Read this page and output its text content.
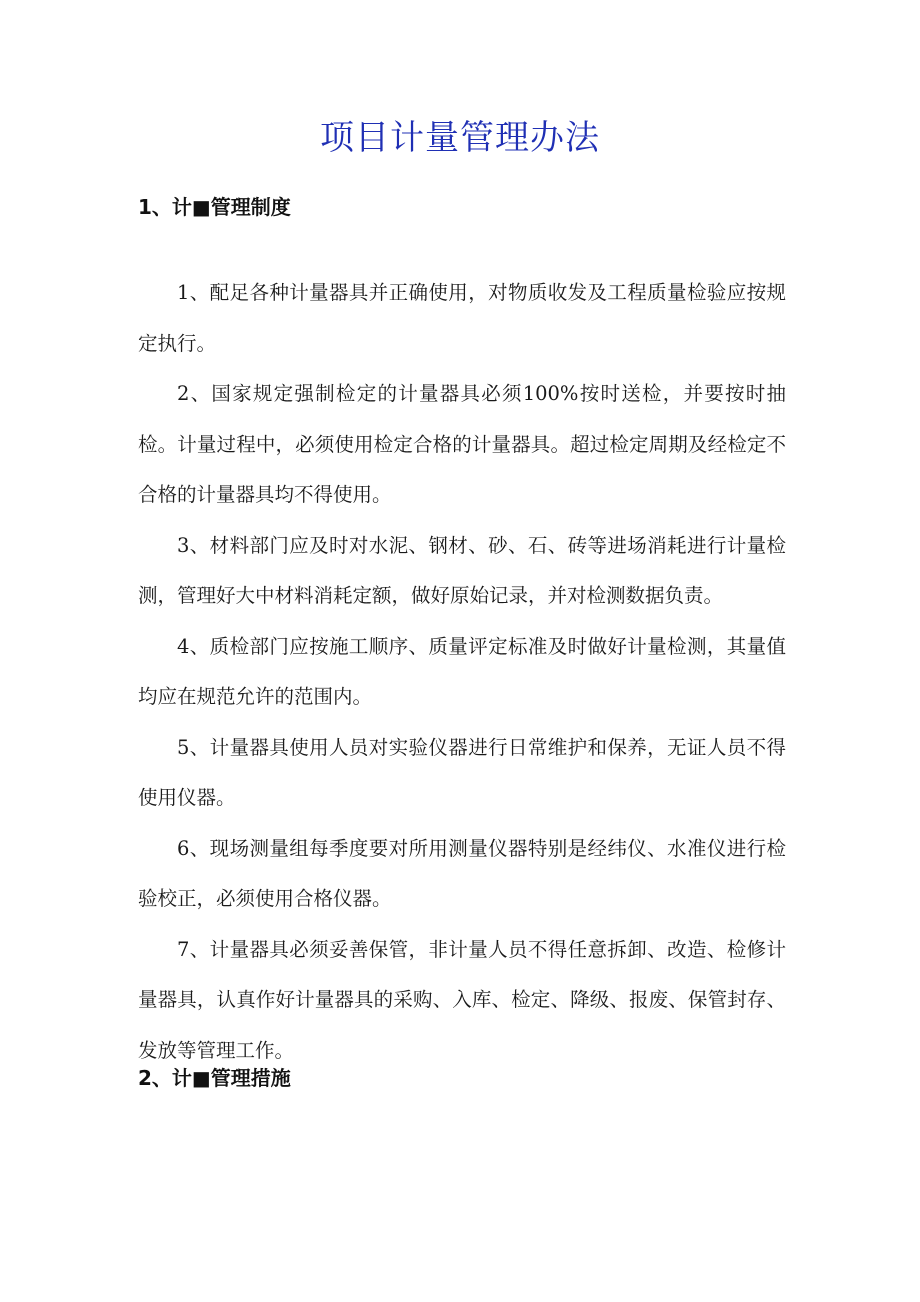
项目计量管理办法
1、计■管理制度

1、配足各种计量器具并正确使用，对物质收发及工程质量检验应按规定执行。

2、国家规定强制检定的计量器具必须100%按时送检，并要按时抽检。计量过程中，必须使用检定合格的计量器具。超过检定周期及经检定不合格的计量器具均不得使用。

3、材料部门应及时对水泥、钢材、砂、石、砖等进场消耗进行计量检测，管理好大中材料消耗定额，做好原始记录，并对检测数据负责。

4、质检部门应按施工顺序、质量评定标准及时做好计量检测，其量值均应在规范允许的范围内。

5、计量器具使用人员对实验仪器进行日常维护和保养，无证人员不得使用仪器。

6、现场测量组每季度要对所用测量仪器特别是经纬仪、水准仪进行检验校正，必须使用合格仪器。

7、计量器具必须妥善保管，非计量人员不得任意拆卸、改造、检修计量器具，认真作好计量器具的采购、入库、检定、降级、报废、保管封存、发放等管理工作。

2、计■管理措施
